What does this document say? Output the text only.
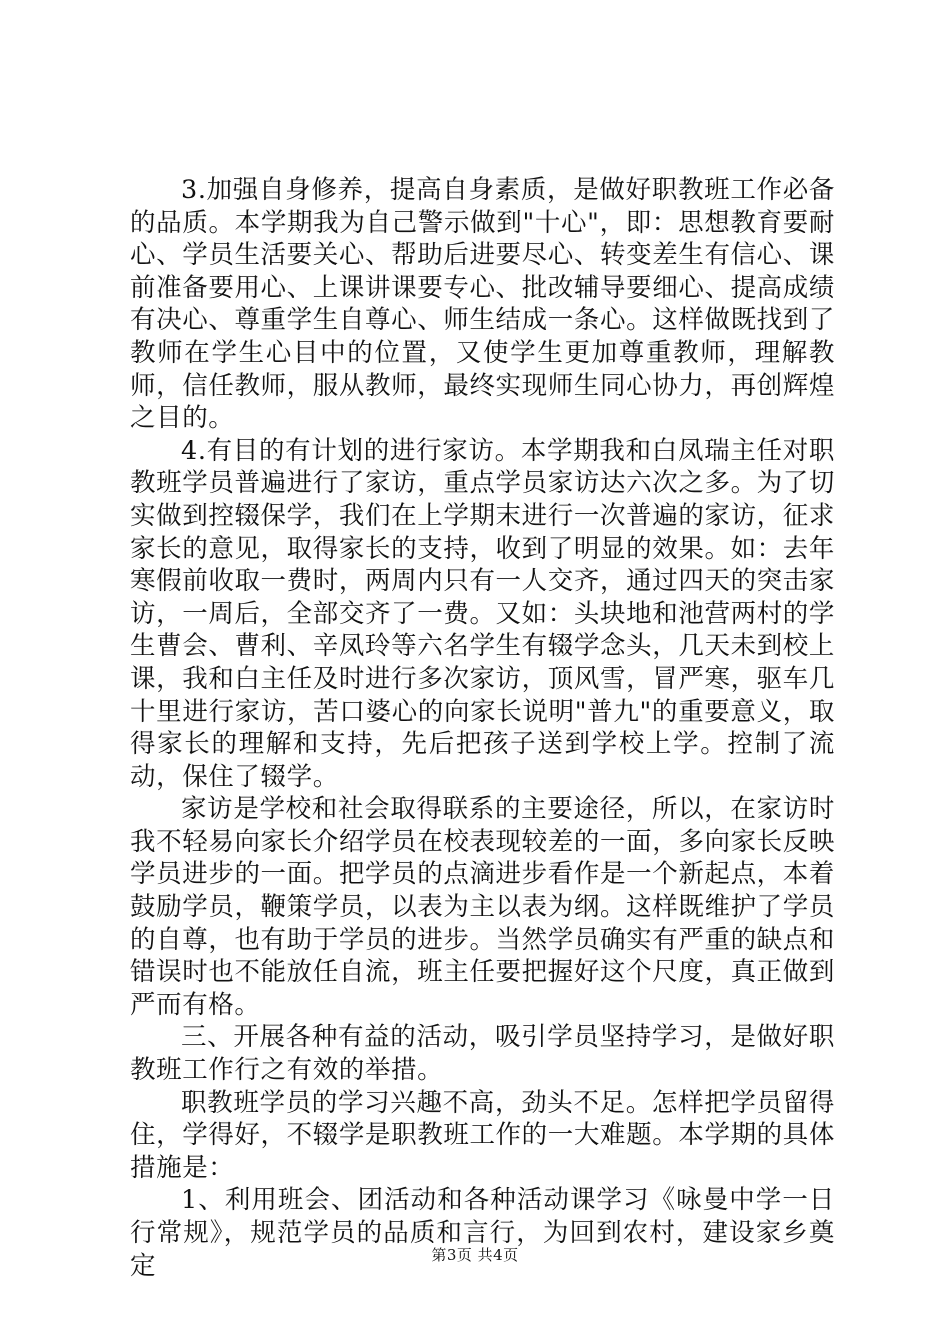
3.加强自身修养，提高自身素质，是做好职教班工作必备的品质。本学期我为自己警示做到"十心"，即：思想教育要耐心、学员生活要关心、帮助后进要尽心、转变差生有信心、课前准备要用心、上课讲课要专心、批改辅导要细心、提高成绩有决心、尊重学生自尊心、师生结成一条心。这样做既找到了教师在学生心目中的位置，又使学生更加尊重教师，理解教师，信任教师，服从教师，最终实现师生同心协力，再创辉煌之目的。

4.有目的有计划的进行家访。本学期我和白凤瑞主任对职教班学员普遍进行了家访，重点学员家访达六次之多。为了切实做到控辍保学，我们在上学期末进行一次普遍的家访，征求家长的意见，取得家长的支持，收到了明显的效果。如：去年寒假前收取一费时，两周内只有一人交齐，通过四天的突击家访，一周后，全部交齐了一费。又如：头块地和池营两村的学生曹会、曹利、辛凤玲等六名学生有辍学念头，几天未到校上课，我和白主任及时进行多次家访，顶风雪，冒严寒，驱车几十里进行家访，苦口婆心的向家长说明"普九"的重要意义，取得家长的理解和支持，先后把孩子送到学校上学。控制了流动，保住了辍学。

家访是学校和社会取得联系的主要途径，所以，在家访时我不轻易向家长介绍学员在校表现较差的一面，多向家长反映学员进步的一面。把学员的点滴进步看作是一个新起点，本着鼓励学员，鞭策学员，以表为主以表为纲。这样既维护了学员的自尊，也有助于学员的进步。当然学员确实有严重的缺点和错误时也不能放任自流，班主任要把握好这个尺度，真正做到严而有格。

三、开展各种有益的活动，吸引学员坚持学习，是做好职教班工作行之有效的举措。

职教班学员的学习兴趣不高，劲头不足。怎样把学员留得住，学得好，不辍学是职教班工作的一大难题。本学期的具体措施是：

1、利用班会、团活动和各种活动课学习《咏曼中学一日行常规》，规范学员的品质和言行，为回到农村，建设家乡奠定	第3页 共4页
